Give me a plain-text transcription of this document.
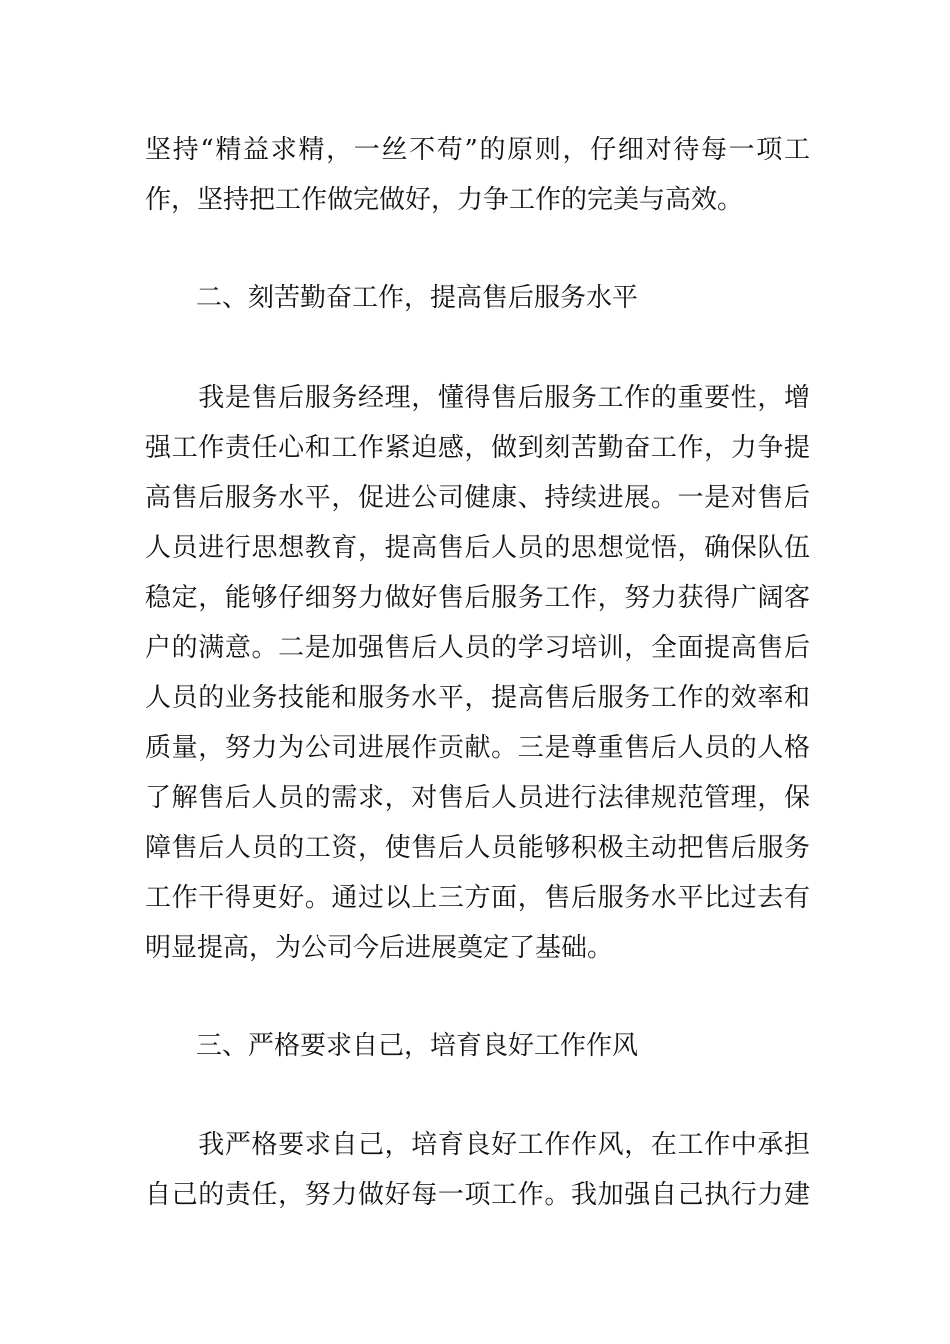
坚持“精益求精，一丝不苟”的原则，仔细对待每一项工
作，坚持把工作做完做好，力争工作的完美与高效。
二、刻苦勤奋工作，提高售后服务水平
　　我是售后服务经理，懂得售后服务工作的重要性，增
强工作责任心和工作紧迫感，做到刻苦勤奋工作，力争提
高售后服务水平，促进公司健康、持续进展。一是对售后
人员进行思想教育，提高售后人员的思想觉悟，确保队伍
稳定，能够仔细努力做好售后服务工作，努力获得广阔客
户的满意。二是加强售后人员的学习培训，全面提高售后
人员的业务技能和服务水平，提高售后服务工作的效率和
质量，努力为公司进展作贡献。三是尊重售后人员的人格
了解售后人员的需求，对售后人员进行法律规范管理，保
障售后人员的工资，使售后人员能够积极主动把售后服务
工作干得更好。通过以上三方面，售后服务水平比过去有
明显提高，为公司今后进展奠定了基础。
三、严格要求自己，培育良好工作作风
　　我严格要求自己，培育良好工作作风，在工作中承担
自己的责任，努力做好每一项工作。我加强自己执行力建
